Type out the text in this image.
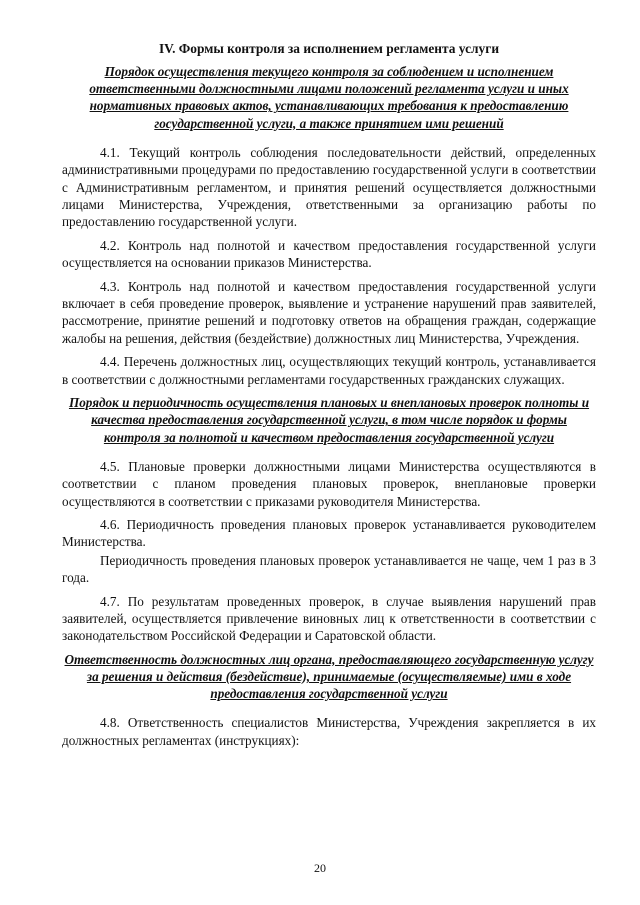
IV. Формы контроля за исполнением регламента услуги
Порядок осуществления текущего контроля за соблюдением и исполнением ответственными должностными лицами положений регламента услуги и иных нормативных правовых актов, устанавливающих требования к предоставлению государственной услуги, а также принятием ими решений

4.1. Текущий контроль соблюдения последовательности действий, определенных административными процедурами по предоставлению государственной услуги в соответствии с Административным регламентом, и принятия решений осуществляется должностными лицами Министерства, Учреждения, ответственными за организацию работы по предоставлению государственной услуги.

4.2. Контроль над полнотой и качеством предоставления государственной услуги осуществляется на основании приказов Министерства.

4.3. Контроль над полнотой и качеством предоставления государственной услуги включает в себя проведение проверок, выявление и устранение нарушений прав заявителей, рассмотрение, принятие решений и подготовку ответов на обращения граждан, содержащие жалобы на решения, действия (бездействие) должностных лиц Министерства, Учреждения.

4.4. Перечень должностных лиц, осуществляющих текущий контроль, устанавливается в соответствии с должностными регламентами государственных гражданских служащих.

Порядок и периодичность осуществления плановых и внеплановых проверок полноты и качества предоставления государственной услуги, в том числе порядок и формы контроля за полнотой и качеством предоставления государственной услуги

4.5. Плановые проверки должностными лицами Министерства осуществляются в соответствии с планом проведения плановых проверок, внеплановые проверки осуществляются в соответствии с приказами руководителя Министерства.

4.6. Периодичность проведения плановых проверок устанавливается руководителем Министерства.

Периодичность проведения плановых проверок устанавливается не чаще, чем 1 раз в 3 года.

4.7. По результатам проведенных проверок, в случае выявления нарушений прав заявителей, осуществляется привлечение виновных лиц к ответственности в соответствии с законодательством Российской Федерации и Саратовской области.

Ответственность должностных лиц органа, предоставляющего государственную услугу за решения и действия (бездействие), принимаемые (осуществляемые) ими в ходе предоставления государственной услуги

4.8. Ответственность специалистов Министерства, Учреждения закрепляется в их должностных регламентах (инструкциях):

20
